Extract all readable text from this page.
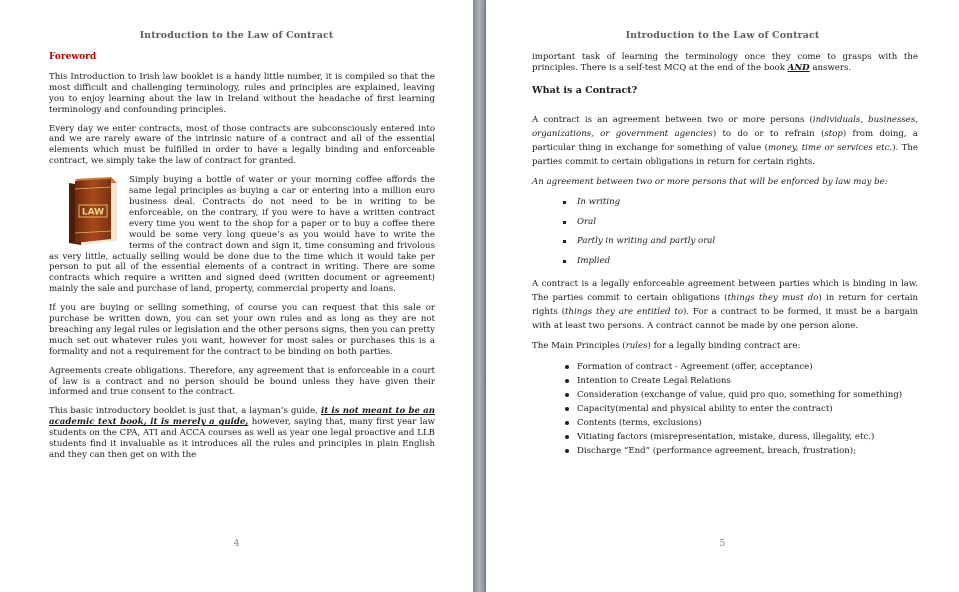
Introduction to the Law of Contract
Foreword

This Introduction to Irish law booklet is a handy little number, it is compiled so that the most difficult and challenging terminology, rules and principles are explained, leaving you to enjoy learning about the law in Ireland without the headache of first learning terminology and confounding principles.

Every day we enter contracts, most of those contracts are subconsciously entered into and we are rarely aware of the intrinsic nature of a contract and all of the essential elements which must be fulfilled in order to have a legally binding and enforceable contract, we simply take the law of contract for granted.

LAW
Simply buying a bottle of water or your morning coffee affords the same legal principles as buying a car or entering into a million euro business deal. Contracts do not need to be in writing to be enforceable, on the contrary, if you were to have a written contract every time you went to the shop for a paper or to buy a coffee there would be some very long queue’s as you would have to write the terms of the contract down and sign it, time consuming and frivolous as very little, actually selling would be done due to the time which it would take per person to put all of the essential elements of a contract in writing. There are some contracts which require a written and signed deed (written document or agreement) mainly the sale and purchase of land, property, commercial property and loans.

If you are buying or selling something, of course you can request that this sale or purchase be written down, you can set your own rules and as long as they are not breaching any legal rules or legislation and the other persons signs, then you can pretty much set out whatever rules you want, however for most sales or purchases this is a formality and not a requirement for the contract to be binding on both parties.

Agreements create obligations. Therefore, any agreement that is enforceable in a court of law is a contract and no person should be bound unless they have given their informed and true consent to the contract.

This basic introductory booklet is just that, a layman’s guide, it is not meant to be an academic text book, it is merely a guide, however, saying that, many first year law students on the CPA, ATI and ACCA courses as well as year one legal proactive and LLB students find it invaluable as it introduces all the rules and principles in plain English and they can then get on with the

4
Introduction to the Law of Contract

important task of learning the terminology once they come to grasps with the principles. There is a self-test MCQ at the end of the book AND answers.

What is a Contract?

A contract is an agreement between two or more persons (individuals, businesses, organizations, or government agencies) to do or to refrain (stop) from doing, a particular thing in exchange for something of value (money, time or services etc.). The parties commit to certain obligations in return for certain rights.

An agreement between two or more persons that will be enforced by law may be:

In writing
Oral
Partly in writing and partly oral
Implied

A contract is a legally enforceable agreement between parties which is binding in law. The parties commit to certain obligations (things they must do) in return for certain rights (things they are entitled to). For a contract to be formed, it must be a bargain with at least two persons. A contract cannot be made by one person alone.

The Main Principles (rules) for a legally binding contract are:

Formation of contract - Agreement (offer, acceptance)
Intention to Create Legal Relations
Consideration (exchange of value, quid pro quo, something for something)
Capacity(mental and physical ability to enter the contract)
Contents (terms, exclusions)
Vitiating factors (misrepresentation, mistake, duress, illegality, etc.)
Discharge “End” (performance agreement, breach, frustration);
5
